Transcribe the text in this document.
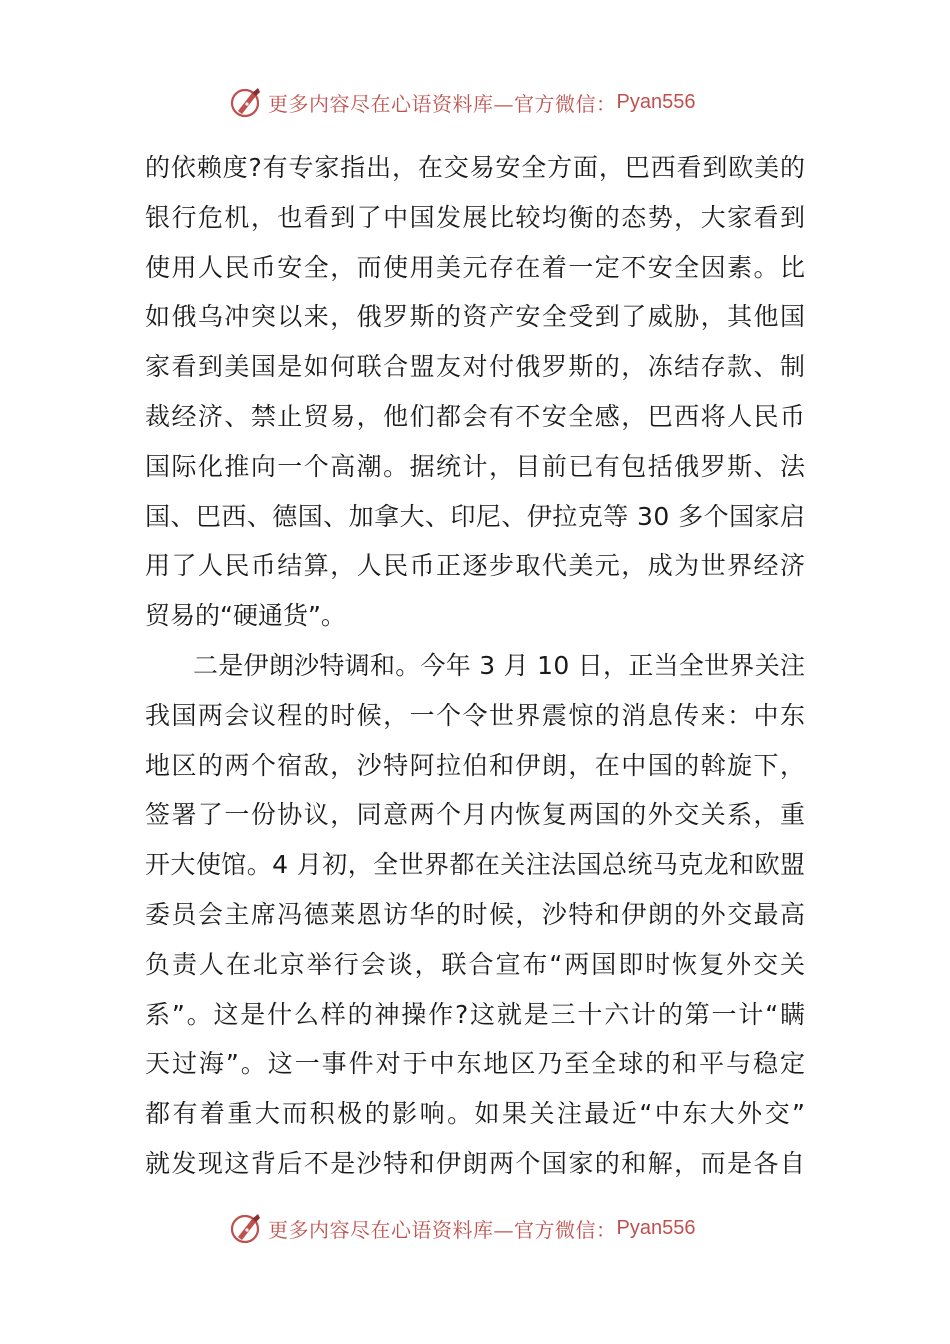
更多内容尽在心语资料库—官方微信： Pyan556
的依赖度?有专家指出，在交易安全方面，巴西看到欧美的
银行危机，也看到了中国发展比较均衡的态势，大家看到
使用人民币安全，而使用美元存在着一定不安全因素。比
如俄乌冲突以来，俄罗斯的资产安全受到了威胁，其他国
家看到美国是如何联合盟友对付俄罗斯的，冻结存款、制
裁经济、禁止贸易，他们都会有不安全感，巴西将人民币
国际化推向一个高潮。据统计，目前已有包括俄罗斯、法
国、巴西、德国、加拿大、印尼、伊拉克等 30 多个国家启
用了人民币结算，人民币正逐步取代美元，成为世界经济
贸易的“硬通货”。
二是伊朗沙特调和。今年 3 月 10 日，正当全世界关注
我国两会议程的时候，一个令世界震惊的消息传来：中东
地区的两个宿敌，沙特阿拉伯和伊朗，在中国的斡旋下，
签署了一份协议，同意两个月内恢复两国的外交关系，重
开大使馆。4 月初，全世界都在关注法国总统马克龙和欧盟
委员会主席冯德莱恩访华的时候，沙特和伊朗的外交最高
负责人在北京举行会谈，联合宣布“两国即时恢复外交关
系”。这是什么样的神操作?这就是三十六计的第一计“瞒
天过海”。这一事件对于中东地区乃至全球的和平与稳定
都有着重大而积极的影响。如果关注最近“中东大外交”
就发现这背后不是沙特和伊朗两个国家的和解，而是各自
更多内容尽在心语资料库—官方微信： Pyan556
